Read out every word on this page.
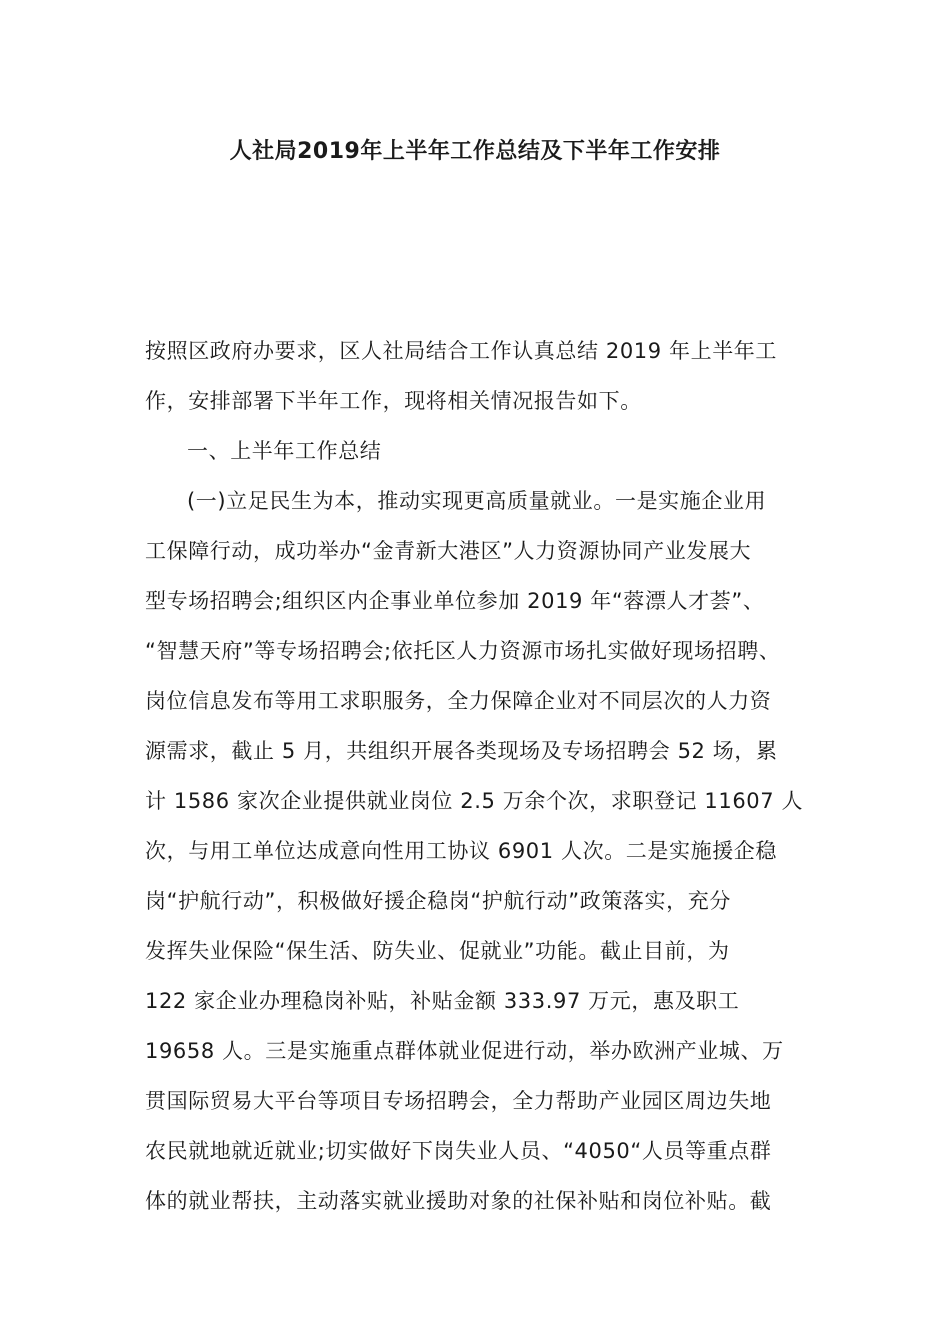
人社局2019年上半年工作总结及下半年工作安排
按照区政府办要求，区人社局结合工作认真总结 2019 年上半年工
作，安排部署下半年工作，现将相关情况报告如下。
一、上半年工作总结
(一)立足民生为本，推动实现更高质量就业。一是实施企业用
工保障行动，成功举办“金青新大港区”人力资源协同产业发展大
型专场招聘会;组织区内企事业单位参加 2019 年“蓉漂人才荟”、
“智慧天府”等专场招聘会;依托区人力资源市场扎实做好现场招聘、
岗位信息发布等用工求职服务，全力保障企业对不同层次的人力资
源需求，截止 5 月，共组织开展各类现场及专场招聘会 52 场，累
计 1586 家次企业提供就业岗位 2.5 万余个次，求职登记 11607 人
次，与用工单位达成意向性用工协议 6901 人次。二是实施援企稳
岗“护航行动”，积极做好援企稳岗“护航行动”政策落实，充分
发挥失业保险“保生活、防失业、促就业”功能。截止目前，为
122 家企业办理稳岗补贴，补贴金额 333.97 万元，惠及职工
19658 人。三是实施重点群体就业促进行动，举办欧洲产业城、万
贯国际贸易大平台等项目专场招聘会，全力帮助产业园区周边失地
农民就地就近就业;切实做好下岗失业人员、“4050“人员等重点群
体的就业帮扶，主动落实就业援助对象的社保补贴和岗位补贴。截
